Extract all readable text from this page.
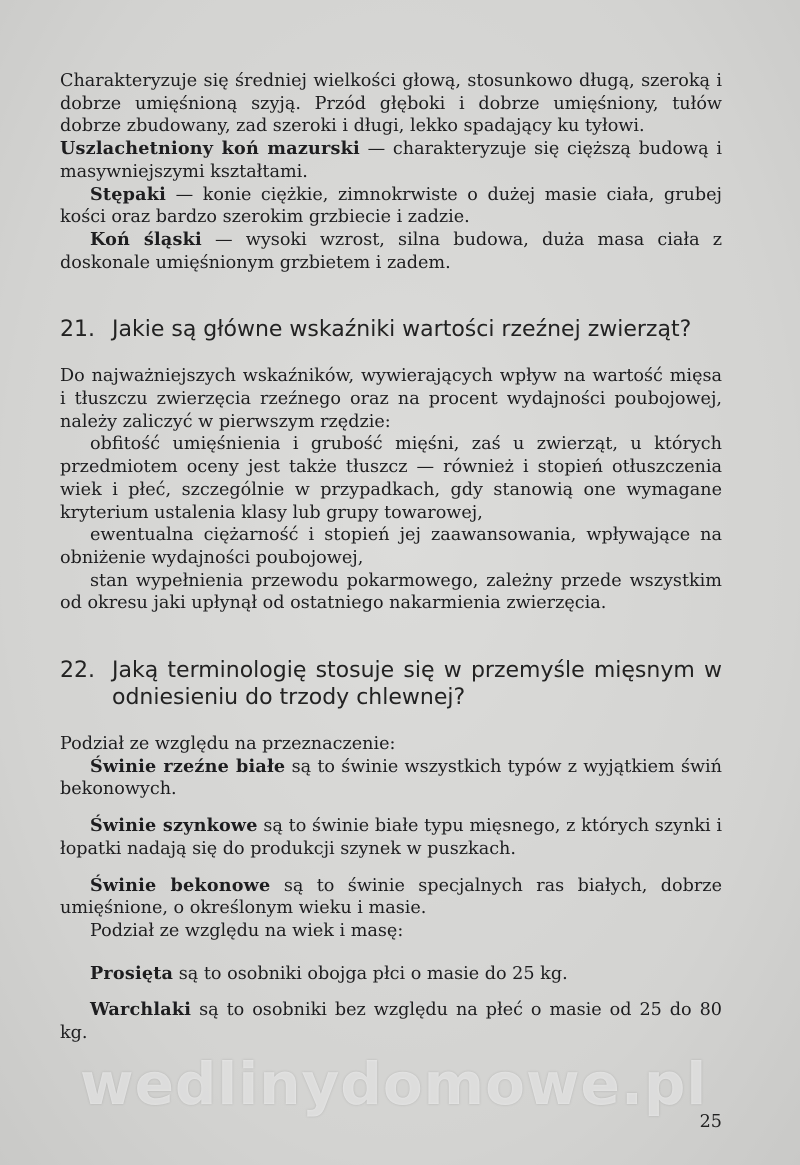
Charakteryzuje się średniej wielkości głową, stosunkowo długą, szeroką i dobrze umięśnioną szyją. Przód głęboki i dobrze umięśniony, tułów dobrze zbudowany, zad szeroki i długi, lekko spadający ku tyłowi.

Uszlachetniony koń mazurski — charakteryzuje się cięższą budową i masywniejszymi kształtami.

Stępaki — konie ciężkie, zimnokrwiste o dużej masie ciała, grubej kości oraz bardzo szerokim grzbiecie i zadzie.

Koń śląski — wysoki wzrost, silna budowa, duża masa ciała z doskonale umięśnionym grzbietem i zadem.

21. Jakie są główne wskaźniki wartości rzeźnej zwierząt?

Do najważniejszych wskaźników, wywierających wpływ na wartość mięsa i tłuszczu zwierzęcia rzeźnego oraz na procent wydajności poubojowej, należy zaliczyć w pierwszym rzędzie:

obfitość umięśnienia i grubość mięśni, zaś u zwierząt, u których przedmiotem oceny jest także tłuszcz — również i stopień otłuszczenia wiek i płeć, szczególnie w przypadkach, gdy stanowią one wymagane kryterium ustalenia klasy lub grupy towarowej,

ewentualna ciężarność i stopień jej zaawansowania, wpływające na obniżenie wydajności poubojowej,

stan wypełnienia przewodu pokarmowego, zależny przede wszystkim od okresu jaki upłynął od ostatniego nakarmienia zwierzęcia.

22. Jaką terminologię stosuje się w przemyśle mięsnym w odniesieniu do trzody chlewnej?

Podział ze względu na przeznaczenie:

Świnie rzeźne białe są to świnie wszystkich typów z wyjątkiem świń bekonowych.

Świnie szynkowe są to świnie białe typu mięsnego, z których szynki i łopatki nadają się do produkcji szynek w puszkach.

Świnie bekonowe są to świnie specjalnych ras białych, dobrze umięśnione, o określonym wieku i masie.

Podział ze względu na wiek i masę:

Prosięta są to osobniki obojga płci o masie do 25 kg.

Warchlaki są to osobniki bez względu na płeć o masie od 25 do 80 kg.

wedlinydomowe.pl
25
